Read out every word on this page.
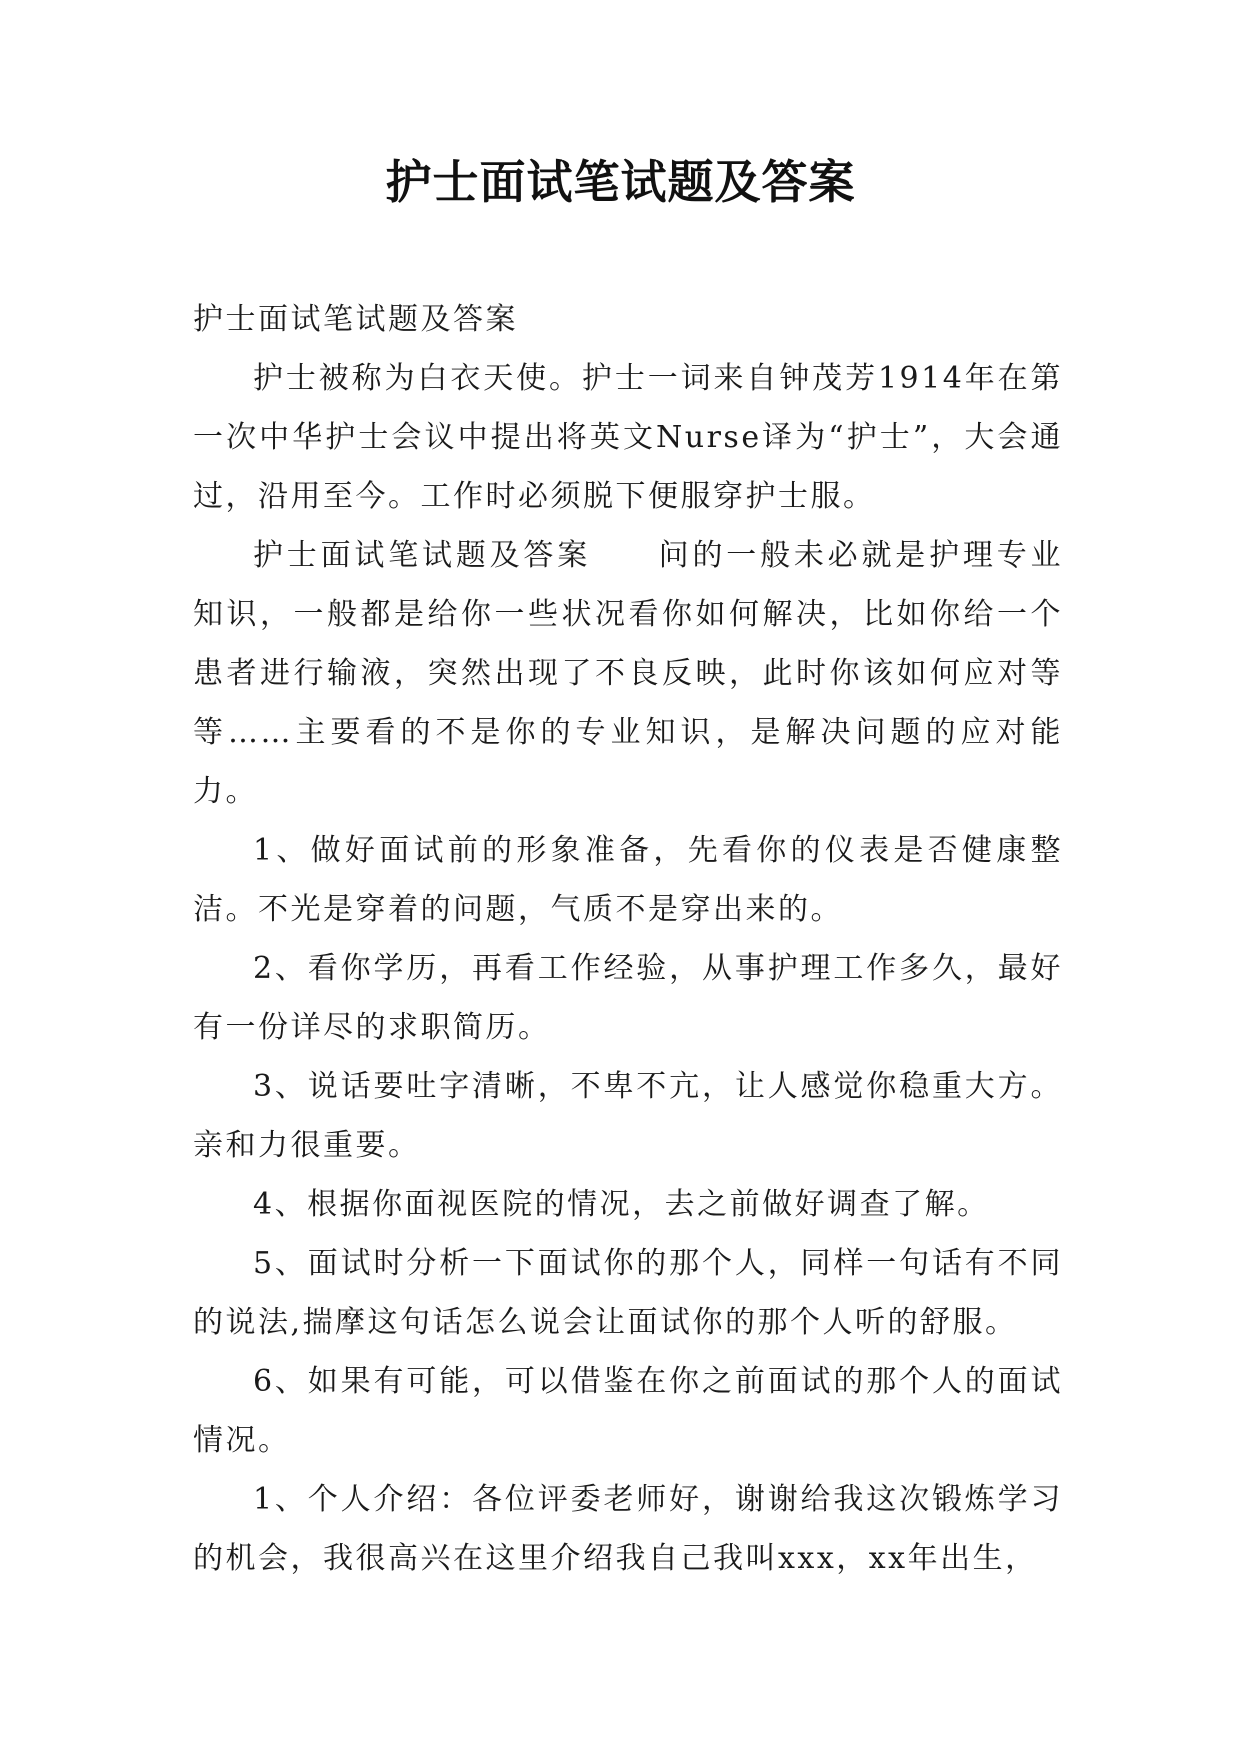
护士面试笔试题及答案

护士面试笔试题及答案

护士被称为白衣天使。护士一词来自钟茂芳1914年在第一次中华护士会议中提出将英文Nurse译为“护士”，大会通过，沿用至今。工作时必须脱下便服穿护士服。

护士面试笔试题及答案　　问的一般未必就是护理专业知识，一般都是给你一些状况看你如何解决，比如你给一个患者进行输液，突然出现了不良反映，此时你该如何应对等等……主要看的不是你的专业知识，是解决问题的应对能力。

1、做好面试前的形象准备，先看你的仪表是否健康整洁。不光是穿着的问题，气质不是穿出来的。

2、看你学历，再看工作经验，从事护理工作多久，最好有一份详尽的求职简历。

3、说话要吐字清晰，不卑不亢，让人感觉你稳重大方。亲和力很重要。

4、根据你面视医院的情况，去之前做好调查了解。

5、面试时分析一下面试你的那个人，同样一句话有不同的说法,揣摩这句话怎么说会让面试你的那个人听的舒服。

6、如果有可能，可以借鉴在你之前面试的那个人的面试情况。

1、个人介绍：各位评委老师好，谢谢给我这次锻炼学习的机会，我很高兴在这里介绍我自己我叫xxx，xx年出生，
